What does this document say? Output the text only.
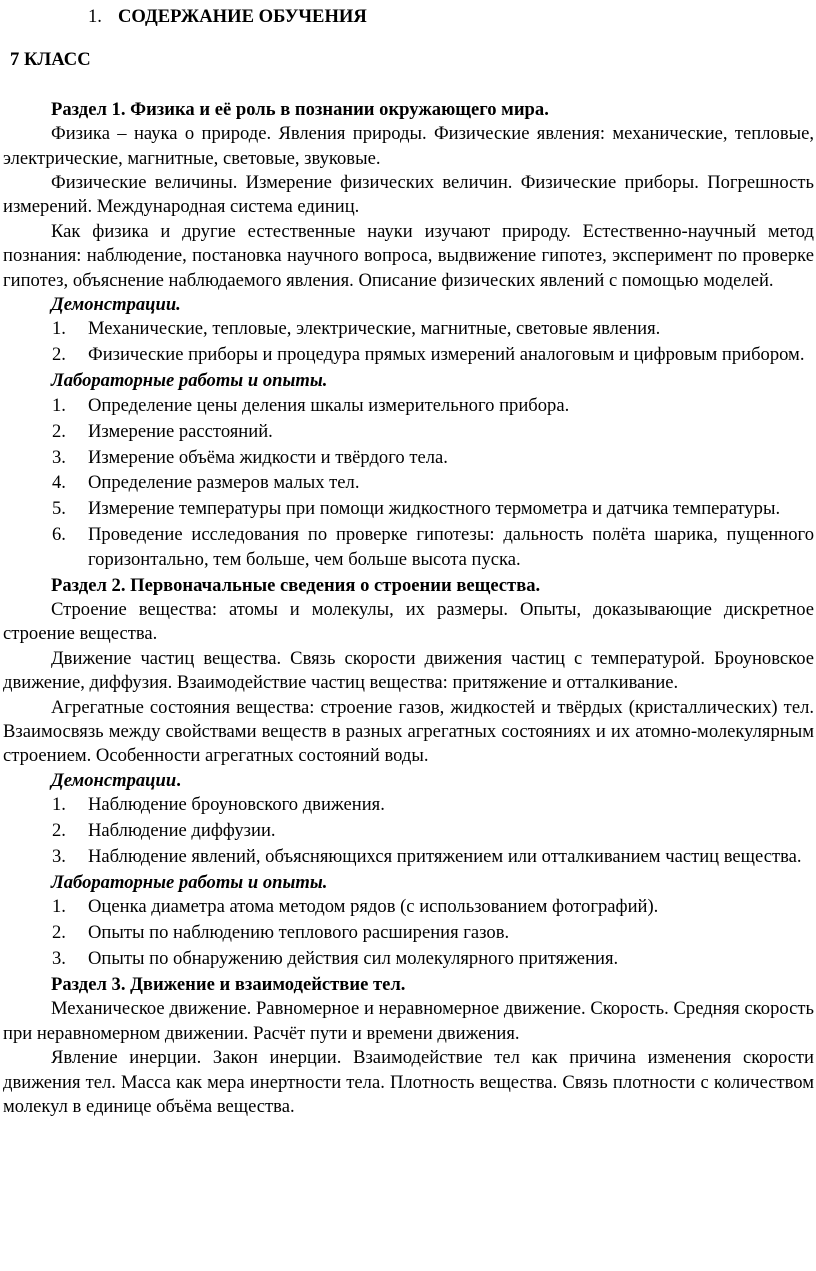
1. СОДЕРЖАНИЕ ОБУЧЕНИЯ

7 КЛАСС

Раздел 1. Физика и её роль в познании окружающего мира.

Физика – наука о природе. Явления природы. Физические явления: механические, тепловые, электрические, магнитные, световые, звуковые.

Физические величины. Измерение физических величин. Физические приборы. Погрешность измерений. Международная система единиц.

Как физика и другие естественные науки изучают природу. Естественно-научный метод познания: наблюдение, постановка научного вопроса, выдвижение гипотез, эксперимент по проверке гипотез, объяснение наблюдаемого явления. Описание физических явлений с помощью моделей.

Демонстрации.

1. Механические, тепловые, электрические, магнитные, световые явления.
2. Физические приборы и процедура прямых измерений аналоговым и цифровым прибором.

Лабораторные работы и опыты.

1. Определение цены деления шкалы измерительного прибора.
2. Измерение расстояний.
3. Измерение объёма жидкости и твёрдого тела.
4. Определение размеров малых тел.
5. Измерение температуры при помощи жидкостного термометра и датчика температуры.
6. Проведение исследования по проверке гипотезы: дальность полёта шарика, пущенного горизонтально, тем больше, чем больше высота пуска.

Раздел 2. Первоначальные сведения о строении вещества.

Строение вещества: атомы и молекулы, их размеры. Опыты, доказывающие дискретное строение вещества.

Движение частиц вещества. Связь скорости движения частиц с температурой. Броуновское движение, диффузия. Взаимодействие частиц вещества: притяжение и отталкивание.

Агрегатные состояния вещества: строение газов, жидкостей и твёрдых (кристаллических) тел. Взаимосвязь между свойствами веществ в разных агрегатных состояниях и их атомно-молекулярным строением. Особенности агрегатных состояний воды.

Демонстрации.

1. Наблюдение броуновского движения.
2. Наблюдение диффузии.
3. Наблюдение явлений, объясняющихся притяжением или отталкиванием частиц вещества.

Лабораторные работы и опыты.

1. Оценка диаметра атома методом рядов (с использованием фотографий).
2. Опыты по наблюдению теплового расширения газов.
3. Опыты по обнаружению действия сил молекулярного притяжения.

Раздел 3. Движение и взаимодействие тел.

Механическое движение. Равномерное и неравномерное движение. Скорость. Средняя скорость при неравномерном движении. Расчёт пути и времени движения.

Явление инерции. Закон инерции. Взаимодействие тел как причина изменения скорости движения тел. Масса как мера инертности тела. Плотность вещества. Связь плотности с количеством молекул в единице объёма вещества.
